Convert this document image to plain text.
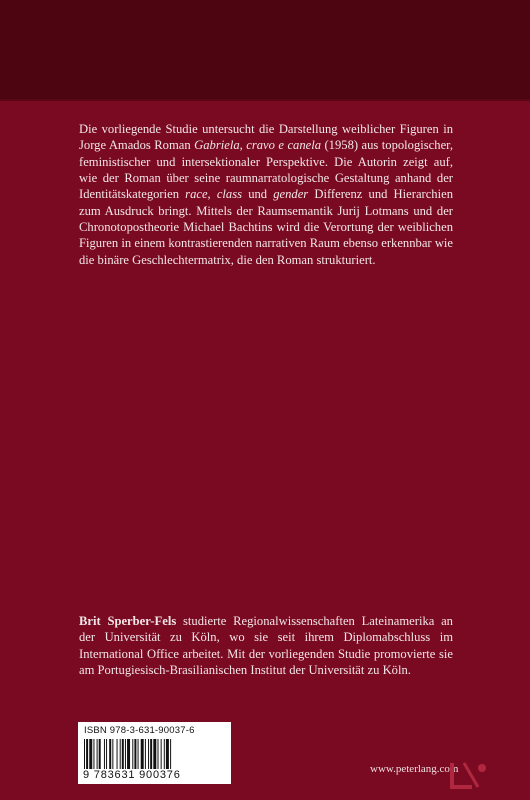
Die vorliegende Studie untersucht die Darstellung weiblicher Figuren in Jorge Amados Roman Gabriela, cravo e canela (1958) aus topologischer, feministischer und intersektionaler Perspektive. Die Autorin zeigt auf, wie der Roman über seine raumnarratologische Gestaltung anhand der Identitätskategorien race, class und gender Differenz und Hierarchien zum Ausdruck bringt. Mittels der Raumsemantik Jurij Lotmans und der Chronotopostheorie Michael Bachtins wird die Verortung der weiblichen Figuren in einem kontrastierenden narrativen Raum ebenso erkennbar wie die binäre Geschlechtermatrix, die den Roman strukturiert.
Brit Sperber-Fels studierte Regionalwissenschaften Lateinamerika an der Universität zu Köln, wo sie seit ihrem Diplomabschluss im International Office arbeitet. Mit der vorliegenden Studie promovierte sie am Portugiesisch-Brasilianischen Institut der Universität zu Köln.
ISBN 978-3-631-90037-6
9 783631 900376	www.peterlang.com
